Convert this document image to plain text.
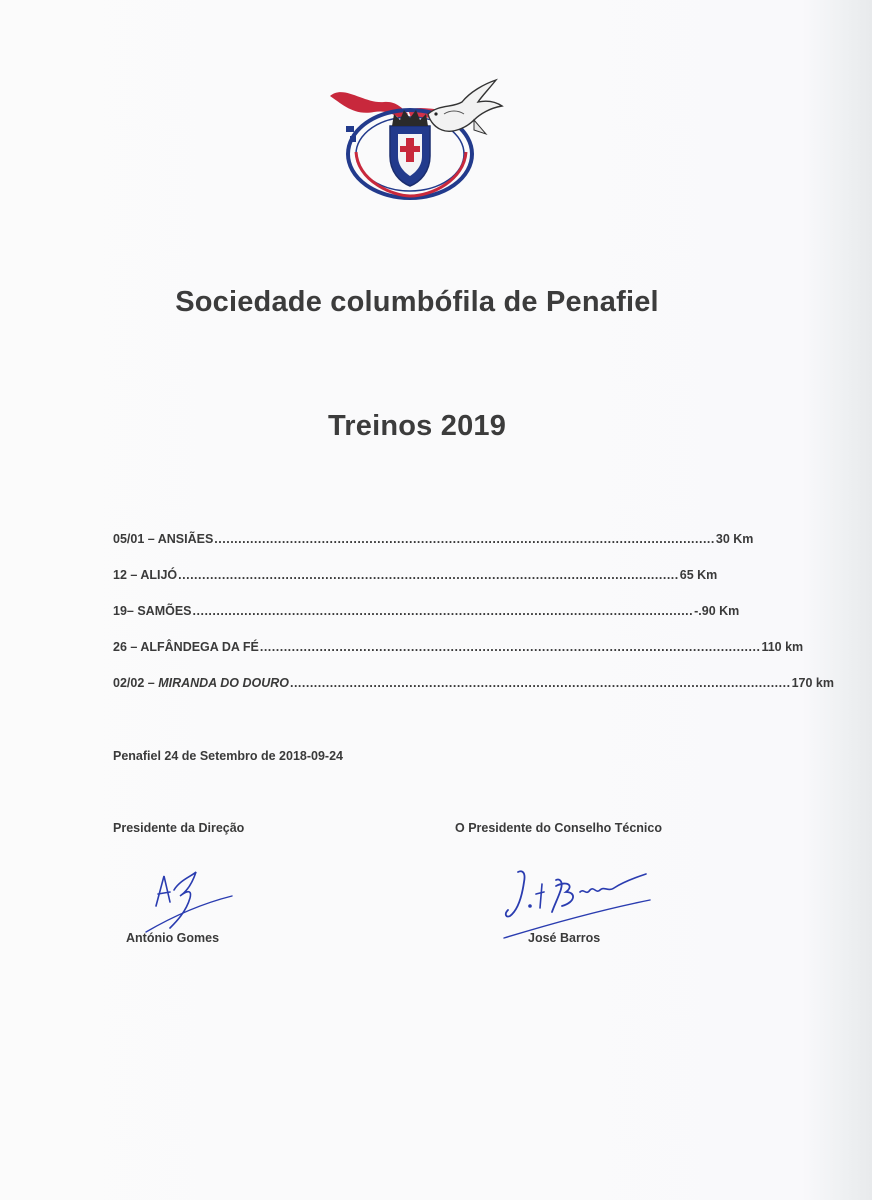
Sociedade columbófila de Penafiel
Treinos 2019
05/01 – ANSIÃES .............................................................................................................................. 30 Km
12 – ALIJÓ .............................................................................................................................. 65 Km
19– SAMÕES .............................................................................................................................. -.90 Km
26 – ALFÂNDEGA DA FÉ .............................................................................................................................. 110 km
02/02 – MIRANDA DO DOURO .............................................................................................................................. 170 km
Penafiel 24 de Setembro de 2018-09-24
Presidente da Direção	O Presidente do Conselho Técnico
António Gomes	José Barros
